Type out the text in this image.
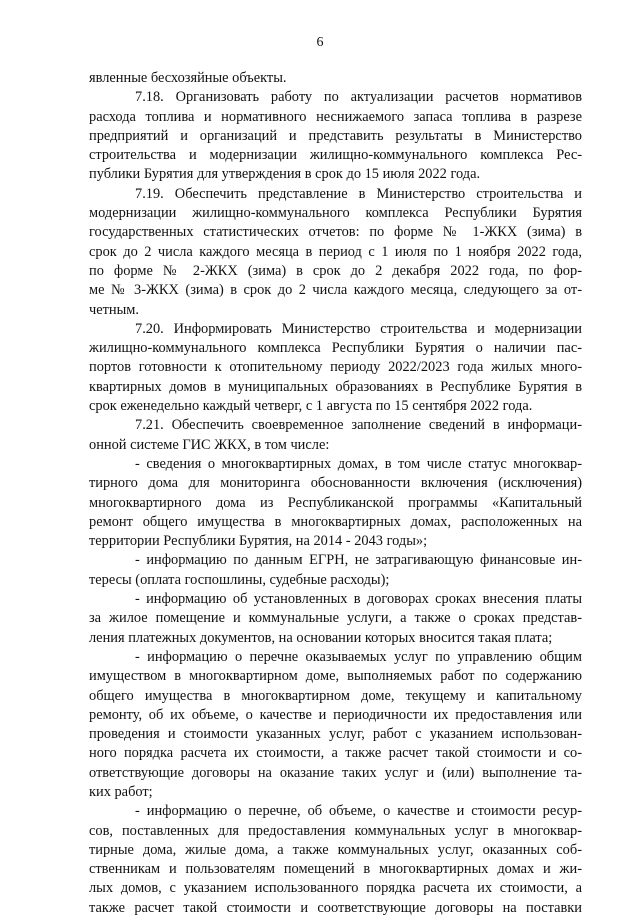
6
явленные бесхозяйные объекты.
7.18. Организовать работу по актуализации расчетов нормативов
расхода топлива и нормативного неснижаемого запаса топлива в разрезе
предприятий и организаций и представить результаты в Министерство
строительства и модернизации жилищно-коммунального комплекса Рес-
публики Бурятия для утверждения в срок до 15 июля 2022 года.
7.19. Обеспечить представление в Министерство строительства и
модернизации жилищно-коммунального комплекса Республики Бурятия
государственных статистических отчетов: по форме № 1-ЖКХ (зима) в
срок до 2 числа каждого месяца в период с 1 июля по 1 ноября 2022 года,
по форме № 2-ЖКХ (зима) в срок до 2 декабря 2022 года, по фор-
ме № 3-ЖКХ (зима) в срок до 2 числа каждого месяца, следующего за от-
четным.
7.20. Информировать Министерство строительства и модернизации
жилищно-коммунального комплекса Республики Бурятия о наличии пас-
портов готовности к отопительному периоду 2022/2023 года жилых много-
квартирных домов в муниципальных образованиях в Республике Бурятия в
срок еженедельно каждый четверг, с 1 августа по 15 сентября 2022 года.
7.21. Обеспечить своевременное заполнение сведений в информаци-
онной системе ГИС ЖКХ, в том числе:
- сведения о многоквартирных домах, в том числе статус многоквар-
тирного дома для мониторинга обоснованности включения (исключения)
многоквартирного дома из Республиканской программы «Капитальный
ремонт общего имущества в многоквартирных домах, расположенных на
территории Республики Бурятия, на 2014 - 2043 годы»;
- информацию по данным ЕГРН, не затрагивающую финансовые ин-
тересы (оплата госпошлины, судебные расходы);
- информацию об установленных в договорах сроках внесения платы
за жилое помещение и коммунальные услуги, а также о сроках представ-
ления платежных документов, на основании которых вносится такая плата;
- информацию о перечне оказываемых услуг по управлению общим
имуществом в многоквартирном доме, выполняемых работ по содержанию
общего имущества в многоквартирном доме, текущему и капитальному
ремонту, об их объеме, о качестве и периодичности их предоставления или
проведения и стоимости указанных услуг, работ с указанием использован-
ного порядка расчета их стоимости, а также расчет такой стоимости и со-
ответствующие договоры на оказание таких услуг и (или) выполнение та-
ких работ;
- информацию о перечне, об объеме, о качестве и стоимости ресур-
сов, поставленных для предоставления коммунальных услуг в многоквар-
тирные дома, жилые дома, а также коммунальных услуг, оказанных соб-
ственникам и пользователям помещений в многоквартирных домах и жи-
лых домов, с указанием использованного порядка расчета их стоимости, а
также расчет такой стоимости и соответствующие договоры на поставки
